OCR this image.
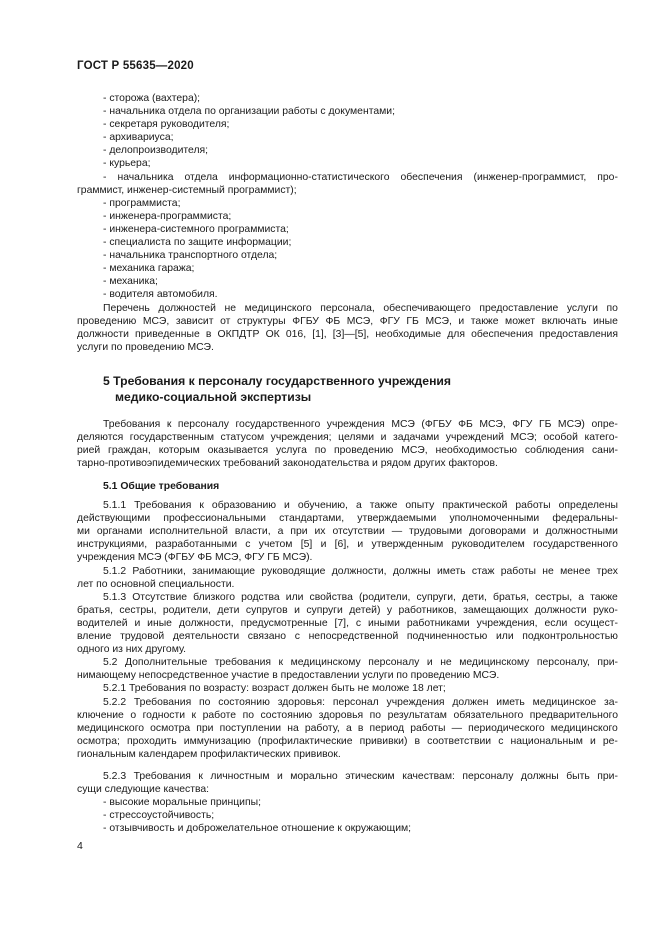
ГОСТ Р 55635—2020
- сторожа (вахтера);
- начальника отдела по организации работы с документами;
- секретаря руководителя;
- архивариуса;
- делопроизводителя;
- курьера;
- начальника отдела информационно-статистического обеспечения (инженер-программист, про-
граммист, инженер-системный программист);
- программиста;
- инженера-программиста;
- инженера-системного программиста;
- специалиста по защите информации;
- начальника транспортного отдела;
- механика гаража;
- механика;
- водителя автомобиля.
Перечень должностей не медицинского персонала, обеспечивающего предоставление услуги по
проведению МСЭ, зависит от структуры ФГБУ ФБ МСЭ, ФГУ ГБ МСЭ, и также может включать иные
должности приведенные в ОКПДТР ОК 016, [1], [3]—[5], необходимые для обеспечения предоставления
услуги по проведению МСЭ.
5 Требования к персоналу государственного учреждения
медико-социальной экспертизы
Требования к персоналу государственного учреждения МСЭ (ФГБУ ФБ МСЭ, ФГУ ГБ МСЭ) опре-
деляются государственным статусом учреждения; целями и задачами учреждений МСЭ; особой катего-
рией граждан, которым оказывается услуга по проведению МСЭ, необходимостью соблюдения сани-
тарно-противоэпидемических требований законодательства и рядом других факторов.
5.1 Общие требования
5.1.1 Требования к образованию и обучению, а также опыту практической работы определены
действующими профессиональными стандартами, утверждаемыми уполномоченными федеральны-
ми органами исполнительной власти, а при их отсутствии — трудовыми договорами и должностными
инструкциями, разработанными с учетом [5] и [6], и утвержденным руководителем государственного
учреждения МСЭ (ФГБУ ФБ МСЭ, ФГУ ГБ МСЭ).
5.1.2 Работники, занимающие руководящие должности, должны иметь стаж работы не менее трех
лет по основной специальности.
5.1.3 Отсутствие близкого родства или свойства (родители, супруги, дети, братья, сестры, а также
братья, сестры, родители, дети супругов и супруги детей) у работников, замещающих должности руко-
водителей и иные должности, предусмотренные [7], с иными работниками учреждения, если осущест-
вление трудовой деятельности связано с непосредственной подчиненностью или подконтрольностью
одного из них другому.
5.2 Дополнительные требования к медицинскому персоналу и не медицинскому персоналу, при-
нимающему непосредственное участие в предоставлении услуги по проведению МСЭ.
5.2.1 Требования по возрасту: возраст должен быть не моложе 18 лет;
5.2.2 Требования по состоянию здоровья: персонал учреждения должен иметь медицинское за-
ключение о годности к работе по состоянию здоровья по результатам обязательного предварительного
медицинского осмотра при поступлении на работу, а в период работы — периодического медицинского
осмотра; проходить иммунизацию (профилактические прививки) в соответствии с национальным и ре-
гиональным календарем профилактических прививок.
5.2.3 Требования к личностным и морально этическим качествам: персоналу должны быть при-
сущи следующие качества:
- высокие моральные принципы;
- стрессоустойчивость;
- отзывчивость и доброжелательное отношение к окружающим;
4
